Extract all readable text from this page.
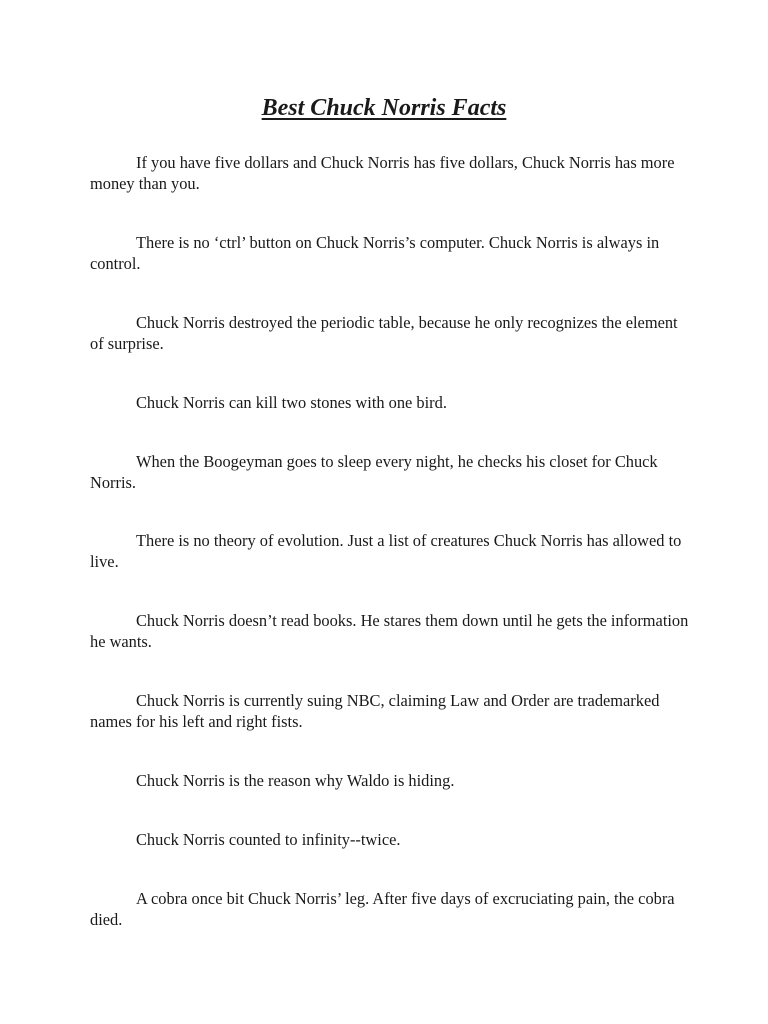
Best Chuck Norris Facts

If you have five dollars and Chuck Norris has five dollars, Chuck Norris has more money than you.

There is no ‘ctrl’ button on Chuck Norris’s computer. Chuck Norris is always in control.

Chuck Norris destroyed the periodic table, because he only recognizes the element of surprise.

Chuck Norris can kill two stones with one bird.

When the Boogeyman goes to sleep every night, he checks his closet for Chuck Norris.

There is no theory of evolution. Just a list of creatures Chuck Norris has allowed to live.

Chuck Norris doesn’t read books. He stares them down until he gets the information he wants.

Chuck Norris is currently suing NBC, claiming Law and Order are trademarked names for his left and right fists.

Chuck Norris is the reason why Waldo is hiding.

Chuck Norris counted to infinity--twice.

A cobra once bit Chuck Norris’ leg. After five days of excruciating pain, the cobra died.
